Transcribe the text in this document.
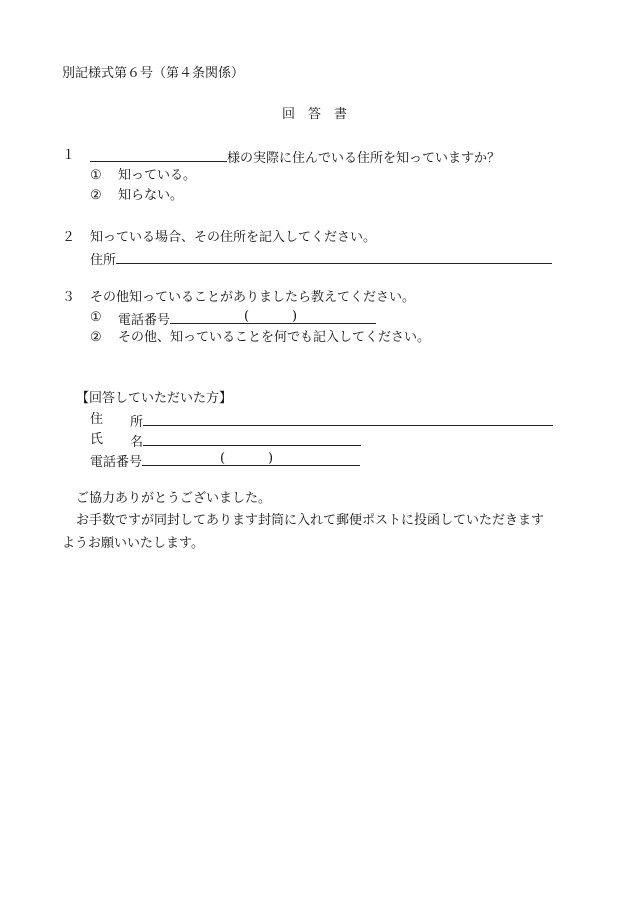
別記様式第６号（第４条関係）
回　答　書
１	様の実際に住んでいる住所を知っていますか？
① 知っている。
② 知らない。
２ 知っている場合、その住所を記入してください。
住所
３ その他知っていることがありましたら教えてください。
① 電話番号	(	)
② その他、知っていることを何でも記入してください。
【回答していただいた方】
住 所
氏 名
電話番号	(	)
ご協力ありがとうございました。
お手数ですが同封してあります封筒に入れて郵便ポストに投函していただきます
ようお願いいたします。
